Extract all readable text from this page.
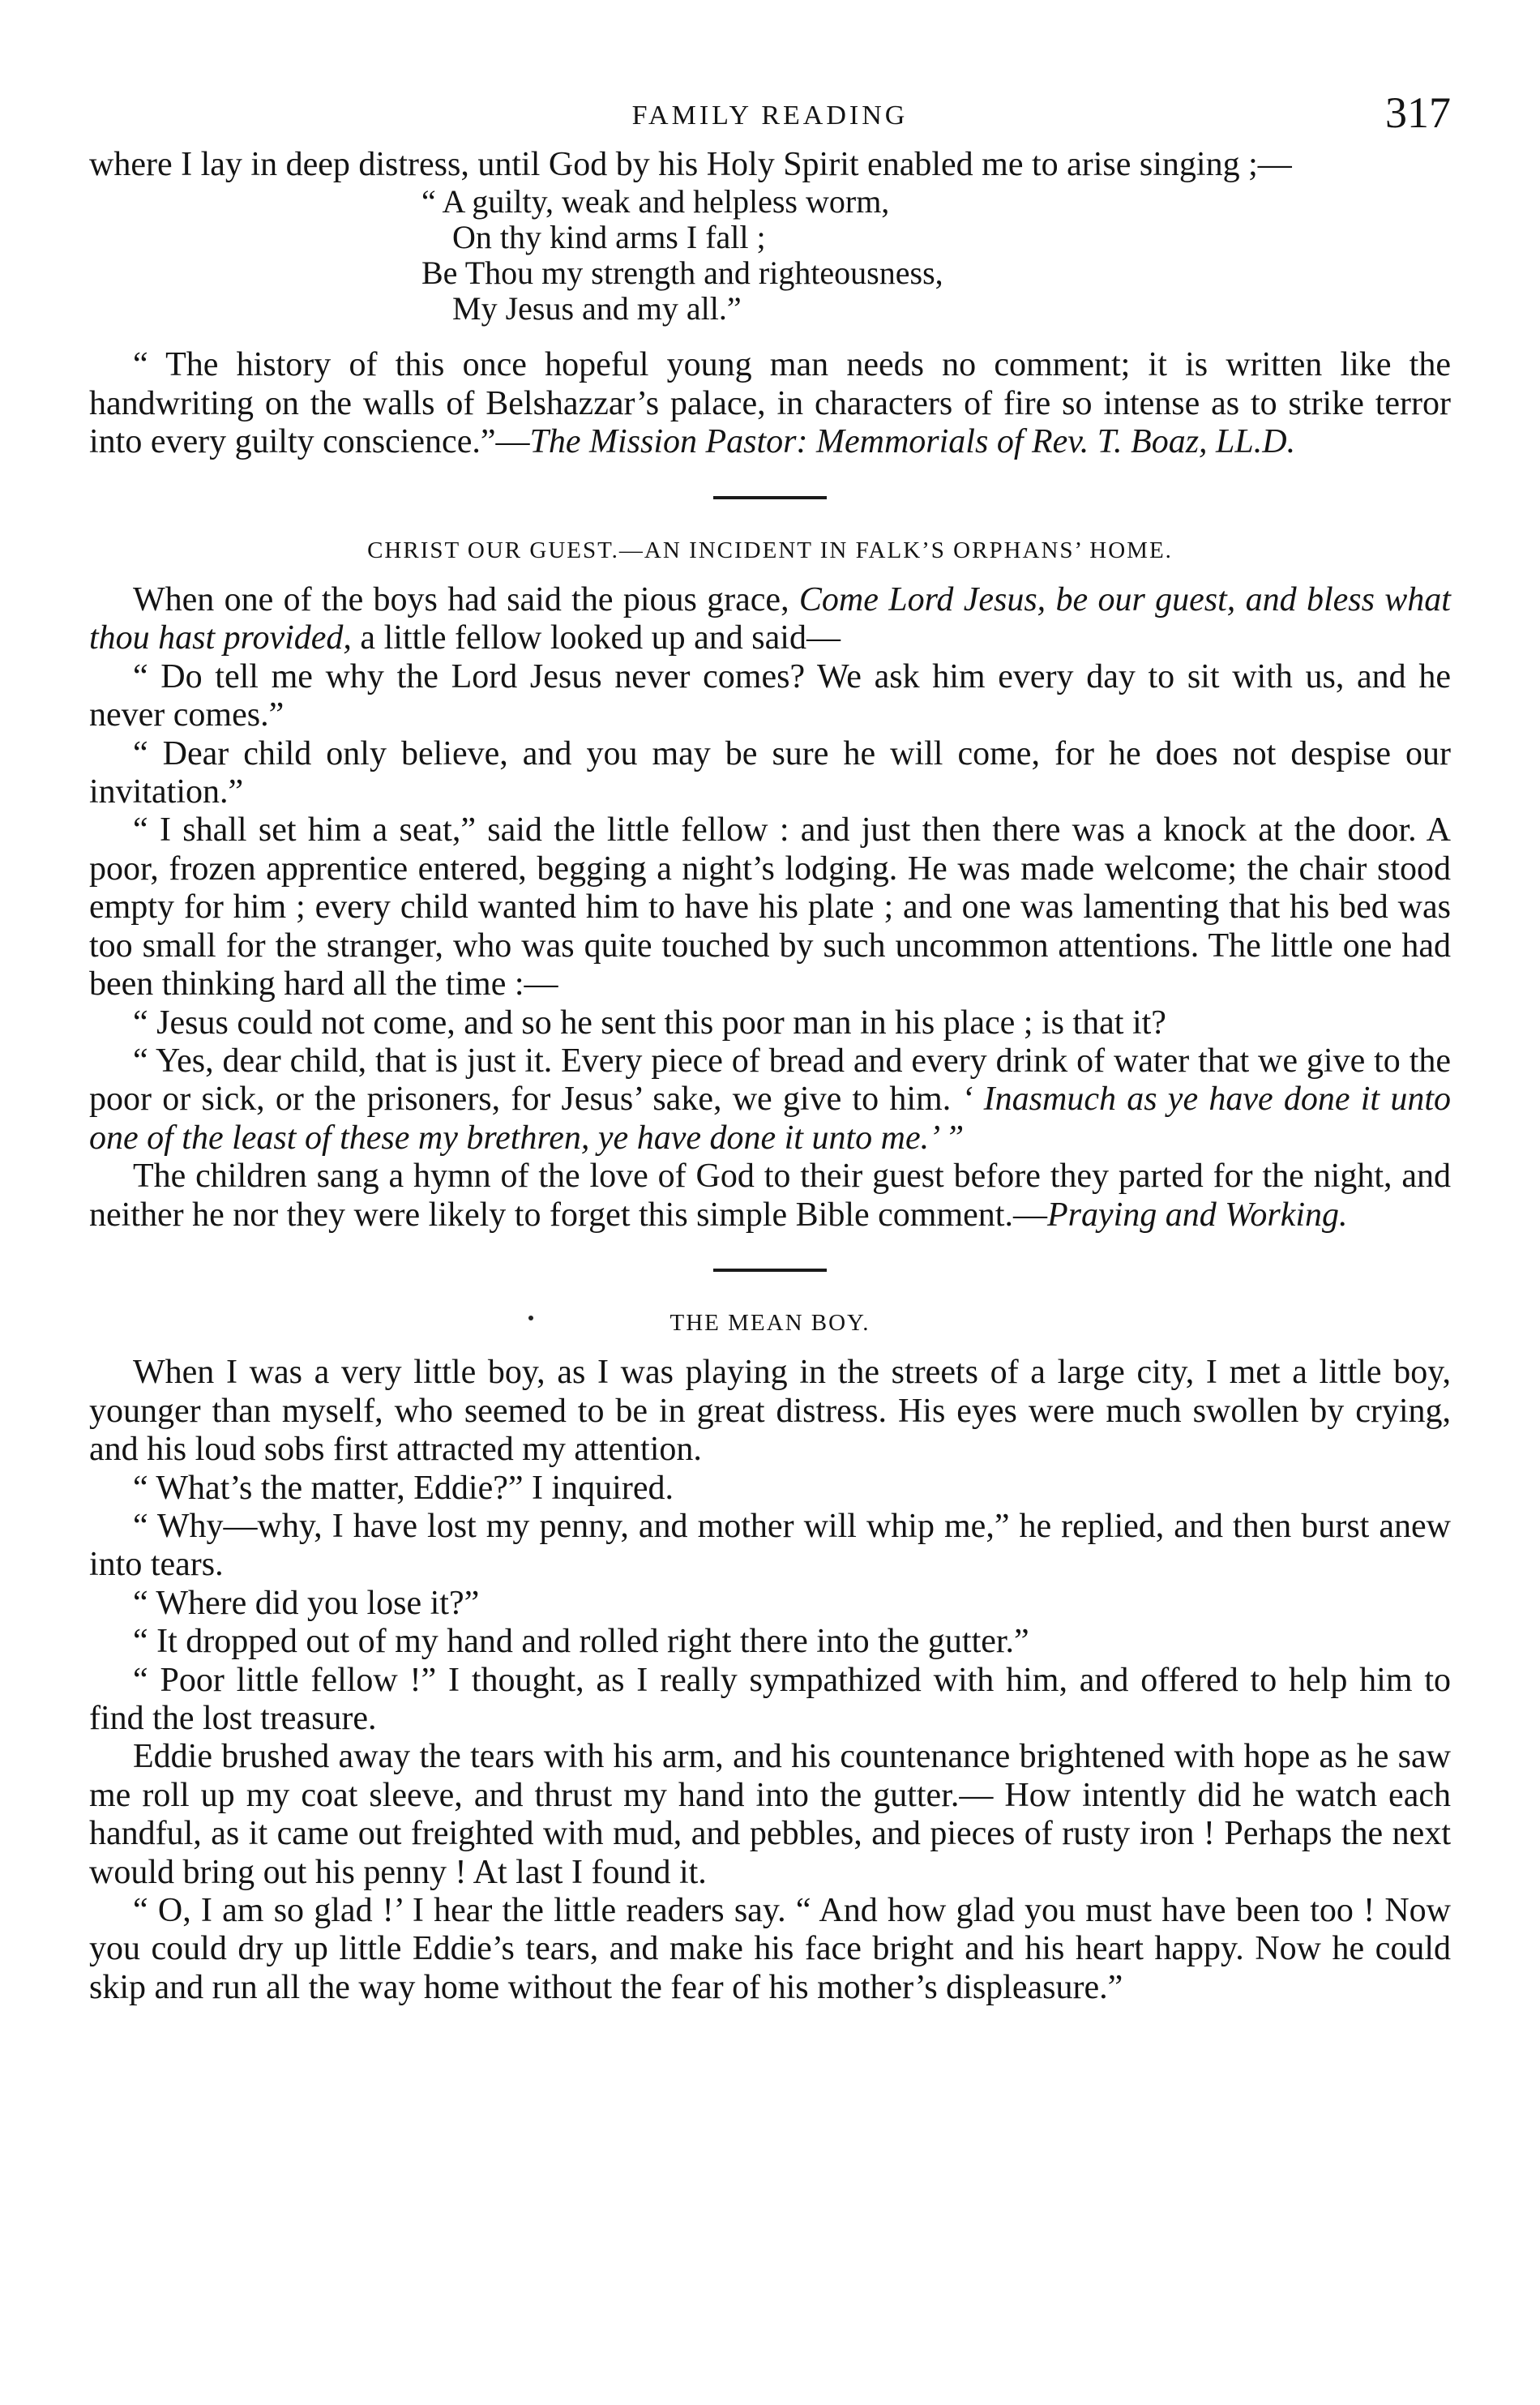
FAMILY READING	317

where I lay in deep distress, until God by his Holy Spirit enabled me to arise singing ;—

“ A guilty, weak and helpless worm,
On thy kind arms I fall ;
Be Thou my strength and righteousness,
My Jesus and my all.”

“ The history of this once hopeful young man needs no comment; it is written like the handwriting on the walls of Belshazzar’s palace, in characters of fire so intense as to strike terror into every guilty conscience.”—The Mission Pastor: Memmorials of Rev. T. Boaz, LL.D.

CHRIST OUR GUEST.—AN INCIDENT IN FALK’S ORPHANS’ HOME.

When one of the boys had said the pious grace, Come Lord Jesus, be our guest, and bless what thou hast provided, a little fellow looked up and said—

“ Do tell me why the Lord Jesus never comes? We ask him every day to sit with us, and he never comes.”

“ Dear child only believe, and you may be sure he will come, for he does not despise our invitation.”

“ I shall set him a seat,” said the little fellow : and just then there was a knock at the door. A poor, frozen apprentice entered, begging a night’s lodging. He was made welcome; the chair stood empty for him ; every child wanted him to have his plate ; and one was lamenting that his bed was too small for the stranger, who was quite touched by such uncommon attentions. The little one had been thinking hard all the time :—

“ Jesus could not come, and so he sent this poor man in his place ; is that it?

“ Yes, dear child, that is just it. Every piece of bread and every drink of water that we give to the poor or sick, or the prisoners, for Jesus’ sake, we give to him. ‘ Inasmuch as ye have done it unto one of the least of these my brethren, ye have done it unto me.’ ”

The children sang a hymn of the love of God to their guest before they parted for the night, and neither he nor they were likely to forget this simple Bible comment.—Praying and Working.

THE MEAN BOY.

When I was a very little boy, as I was playing in the streets of a large city, I met a little boy, younger than myself, who seemed to be in great distress. His eyes were much swollen by crying, and his loud sobs first attracted my attention.

“ What’s the matter, Eddie?” I inquired.

“ Why—why, I have lost my penny, and mother will whip me,” he replied, and then burst anew into tears.

“ Where did you lose it?”

“ It dropped out of my hand and rolled right there into the gutter.”

“ Poor little fellow !” I thought, as I really sympathized with him, and offered to help him to find the lost treasure.

Eddie brushed away the tears with his arm, and his countenance brightened with hope as he saw me roll up my coat sleeve, and thrust my hand into the gutter.— How intently did he watch each handful, as it came out freighted with mud, and pebbles, and pieces of rusty iron ! Perhaps the next would bring out his penny ! At last I found it.

“ O, I am so glad !’ I hear the little readers say. “ And how glad you must have been too ! Now you could dry up little Eddie’s tears, and make his face bright and his heart happy. Now he could skip and run all the way home without the fear of his mother’s displeasure.”
